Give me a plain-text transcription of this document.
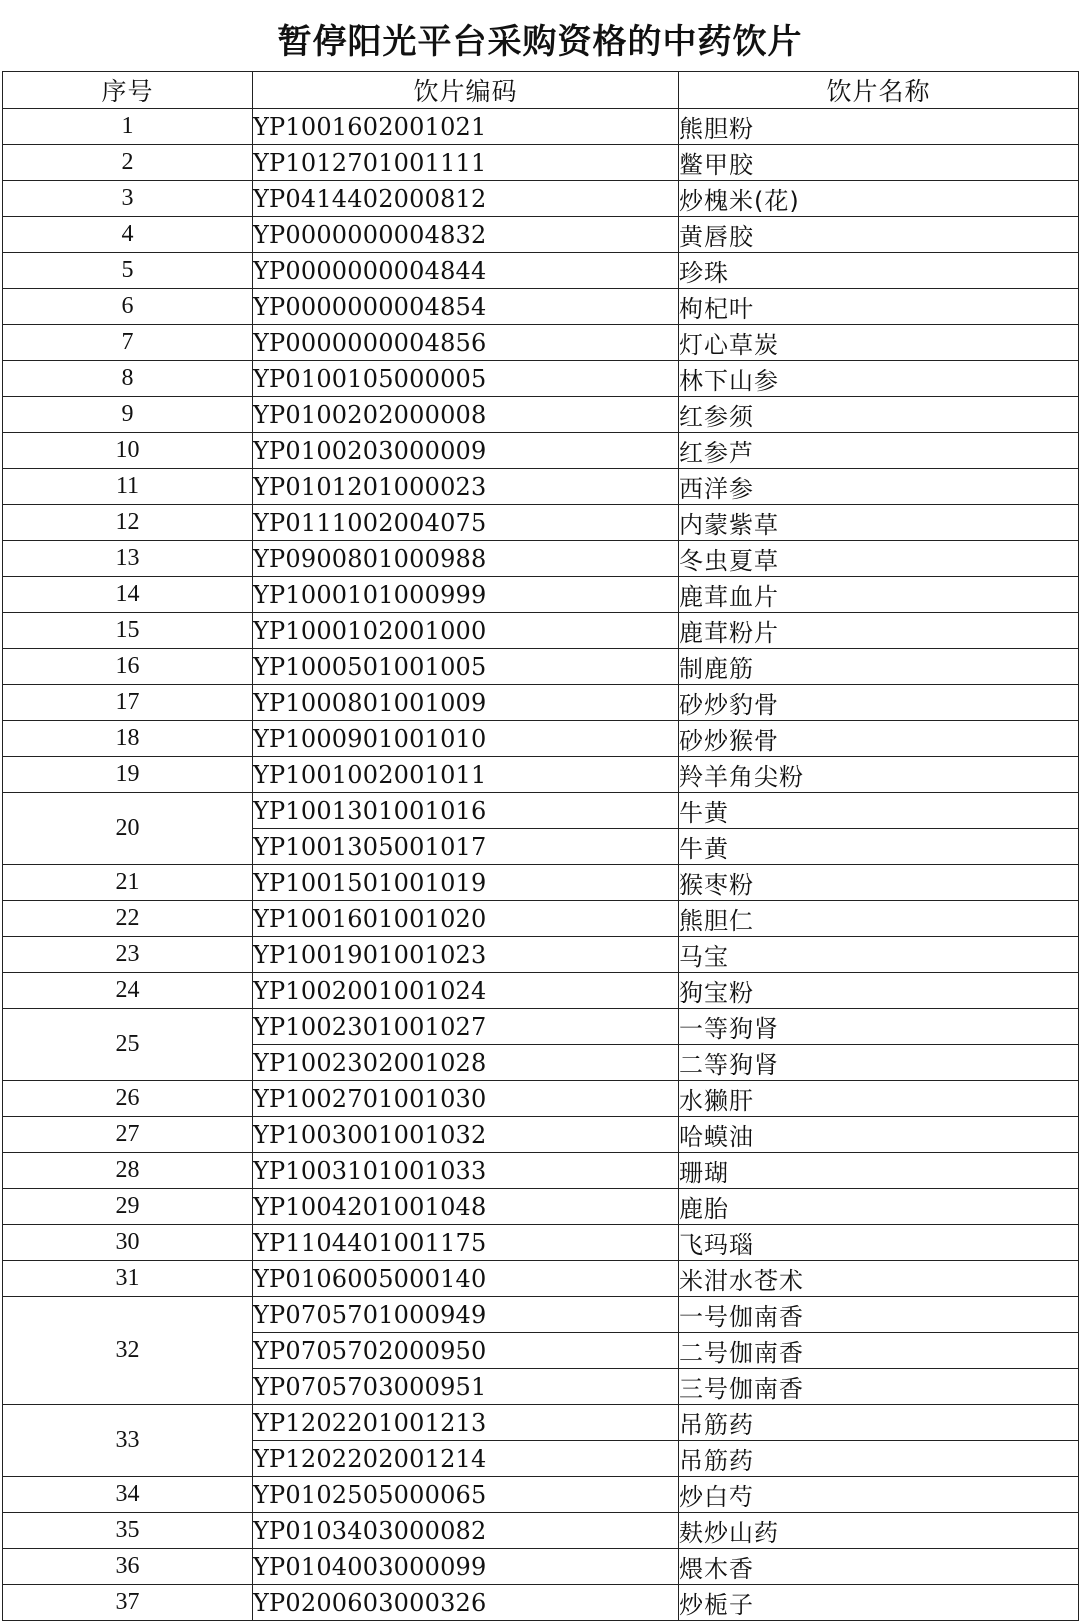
暂停阳光平台采购资格的中药饮片
序号	饮片编码	饮片名称
1	YP1001602001021	熊胆粉
2	YP1012701001111	鳖甲胶
3	YP0414402000812	炒槐米(花)
4	YP0000000004832	黄唇胶
5	YP0000000004844	珍珠
6	YP0000000004854	枸杞叶
7	YP0000000004856	灯心草炭
8	YP0100105000005	林下山参
9	YP0100202000008	红参须
10	YP0100203000009	红参芦
11	YP0101201000023	西洋参
12	YP0111002004075	内蒙紫草
13	YP0900801000988	冬虫夏草
14	YP1000101000999	鹿茸血片
15	YP1000102001000	鹿茸粉片
16	YP1000501001005	制鹿筋
17	YP1000801001009	砂炒豹骨
18	YP1000901001010	砂炒猴骨
19	YP1001002001011	羚羊角尖粉
20	YP1001301001016	牛黄
	YP1001305001017	牛黄
21	YP1001501001019	猴枣粉
22	YP1001601001020	熊胆仁
23	YP1001901001023	马宝
24	YP1002001001024	狗宝粉
25	YP1002301001027	一等狗肾
	YP1002302001028	二等狗肾
26	YP1002701001030	水獭肝
27	YP1003001001032	哈蟆油
28	YP1003101001033	珊瑚
29	YP1004201001048	鹿胎
30	YP1104401001175	飞玛瑙
31	YP0106005000140	米泔水苍术
32	YP0705701000949	一号伽南香
	YP0705702000950	二号伽南香
	YP0705703000951	三号伽南香
33	YP1202201001213	吊筋药
	YP1202202001214	吊筋药
34	YP0102505000065	炒白芍
35	YP0103403000082	麸炒山药
36	YP0104003000099	煨木香
37	YP0200603000326	炒栀子
